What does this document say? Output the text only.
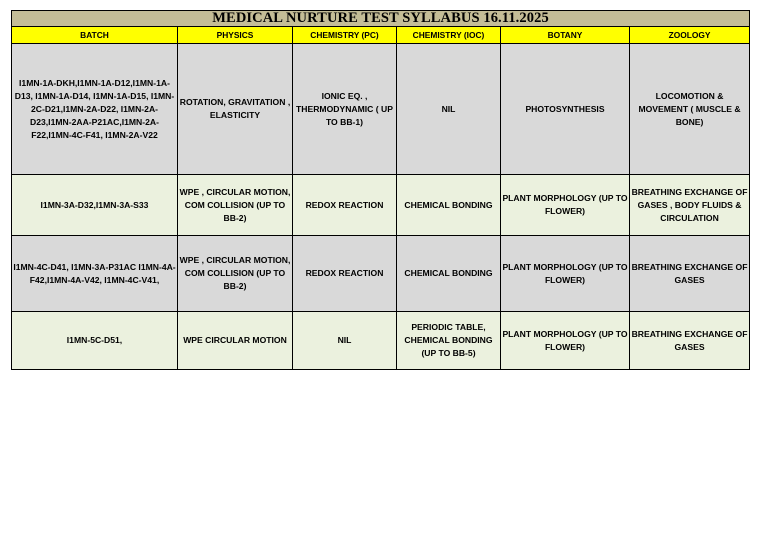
MEDICAL NURTURE TEST SYLLABUS 16.11.2025					
BATCH	PHYSICS	CHEMISTRY (PC)	CHEMISTRY (IOC)	BOTANY	ZOOLOGY
I1MN-1A-DKH,I1MN-1A-D12,I1MN-1A-D13, I1MN-1A-D14, I1MN-1A-D15, I1MN-2C-D21,I1MN-2A-D22, I1MN-2A-D23,I1MN-2AA-P21AC,I1MN-2A-F22,I1MN-4C-F41, I1MN-2A-V22	ROTATION, GRAVITATION , ELASTICITY	IONIC EQ. , THERMODYNAMIC ( UP TO BB-1)	NIL	PHOTOSYNTHESIS	LOCOMOTION & MOVEMENT ( MUSCLE & BONE)
I1MN-3A-D32,I1MN-3A-S33	WPE , CIRCULAR MOTION, COM COLLISION (UP TO BB-2)	REDOX REACTION	CHEMICAL BONDING	PLANT MORPHOLOGY (UP TO FLOWER)	BREATHING EXCHANGE OF GASES , BODY FLUIDS & CIRCULATION
I1MN-4C-D41, I1MN-3A-P31AC I1MN-4A-F42,I1MN-4A-V42, I1MN-4C-V41,	WPE , CIRCULAR MOTION, COM COLLISION (UP TO BB-2)	REDOX REACTION	CHEMICAL BONDING	PLANT MORPHOLOGY (UP TO FLOWER)	BREATHING EXCHANGE OF GASES
I1MN-5C-D51,	WPE CIRCULAR MOTION	NIL	PERIODIC TABLE, CHEMICAL BONDING (UP TO BB-5)	PLANT MORPHOLOGY (UP TO FLOWER)	BREATHING EXCHANGE OF GASES
